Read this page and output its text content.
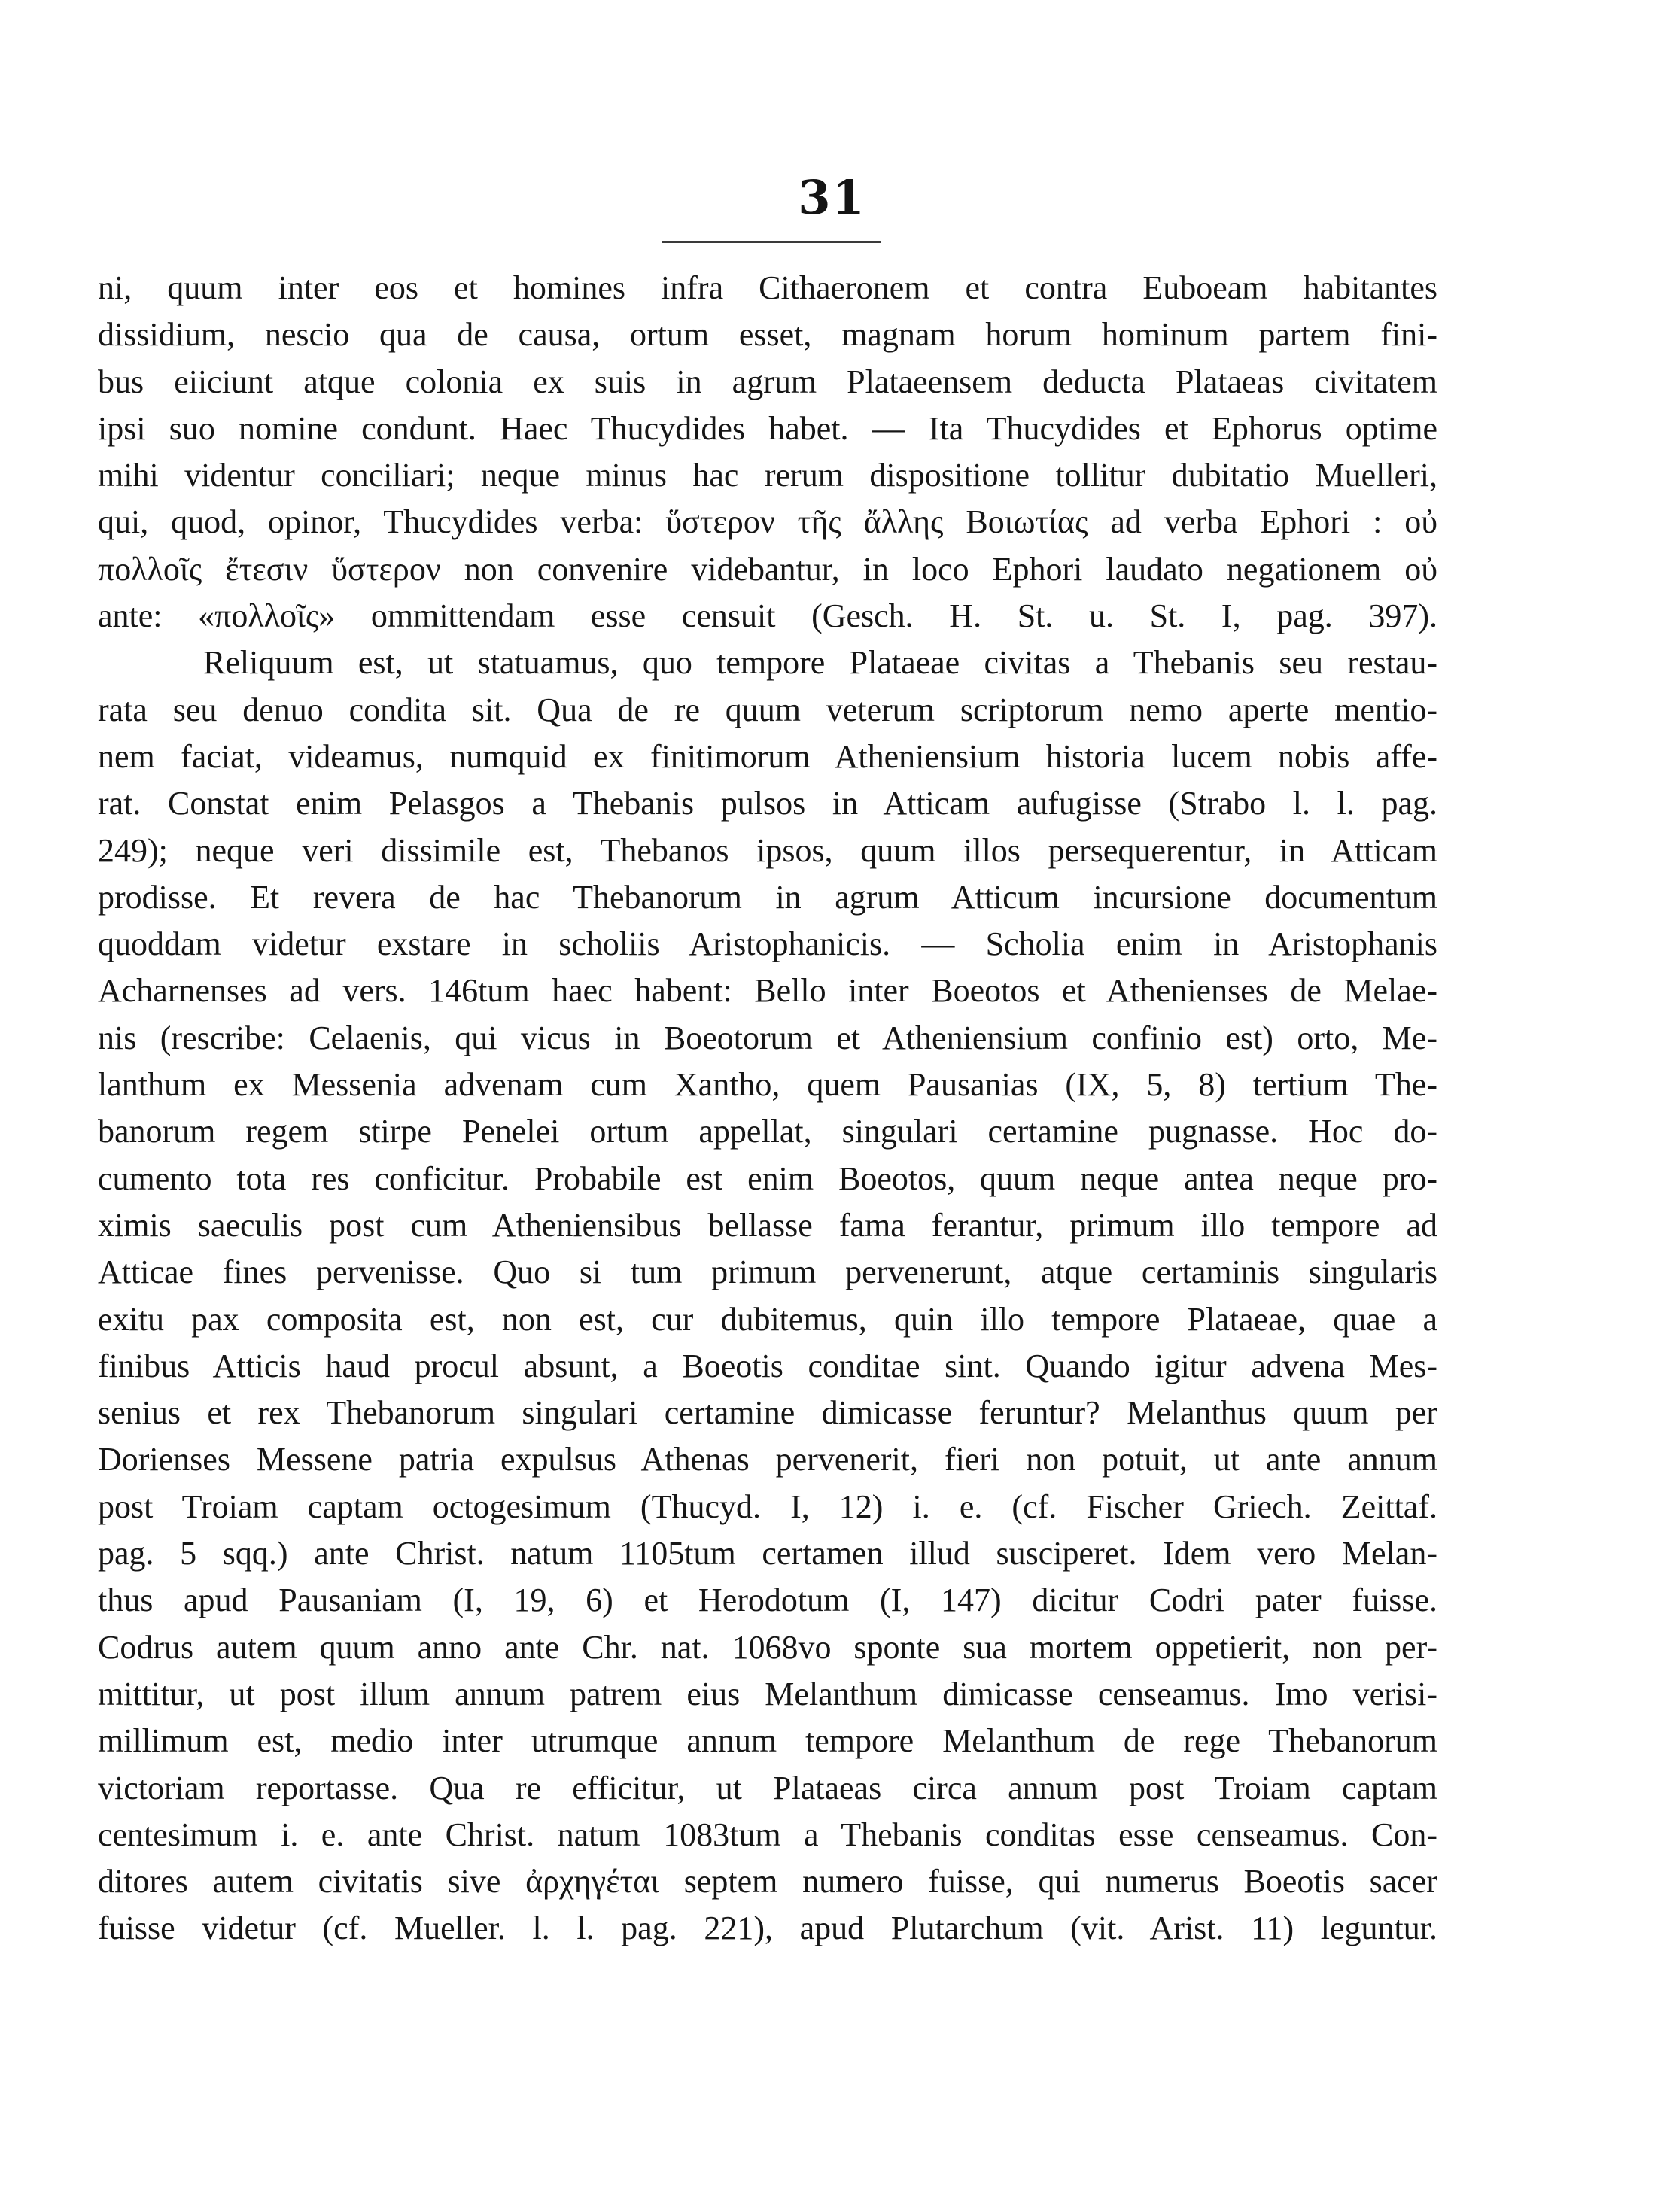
31
ni, quum inter eos et homines infra Cithaeronem et contra Euboeam habitantes
dissidium, nescio qua de causa, ortum esset, magnam horum hominum partem fini-
bus eiiciunt atque colonia ex suis in agrum Plataeensem deducta Plataeas civitatem
ipsi suo nomine condunt. Haec Thucydides habet. — Ita Thucydides et Ephorus optime
mihi videntur conciliari; neque minus hac rerum dispositione tollitur dubitatio Muelleri,
qui, quod, opinor, Thucydides verba: ὕστερον τῆς ἄλλης Βοιωτίας ad verba Ephori : οὐ
πολλοῖς ἔτεσιν ὕστερον non convenire videbantur, in loco Ephori laudato negationem οὐ
ante: «πολλοῖς» ommittendam esse censuit (Gesch. H. St. u. St. I, pag. 397).
Reliquum est, ut statuamus, quo tempore Plataeae civitas a Thebanis seu restau-
rata seu denuo condita sit. Qua de re quum veterum scriptorum nemo aperte mentio-
nem faciat, videamus, numquid ex finitimorum Atheniensium historia lucem nobis affe-
rat. Constat enim Pelasgos a Thebanis pulsos in Atticam aufugisse (Strabo l. l. pag.
249); neque veri dissimile est, Thebanos ipsos, quum illos persequerentur, in Atticam
prodisse. Et revera de hac Thebanorum in agrum Atticum incursione documentum
quoddam videtur exstare in scholiis Aristophanicis. — Scholia enim in Aristophanis
Acharnenses ad vers. 146tum haec habent: Bello inter Boeotos et Athenienses de Melae-
nis (rescribe: Celaenis, qui vicus in Boeotorum et Atheniensium confinio est) orto, Me-
lanthum ex Messenia advenam cum Xantho, quem Pausanias (IX, 5, 8) tertium The-
banorum regem stirpe Penelei ortum appellat, singulari certamine pugnasse. Hoc do-
cumento tota res conficitur. Probabile est enim Boeotos, quum neque antea neque pro-
ximis saeculis post cum Atheniensibus bellasse fama ferantur, primum illo tempore ad
Atticae fines pervenisse. Quo si tum primum pervenerunt, atque certaminis singularis
exitu pax composita est, non est, cur dubitemus, quin illo tempore Plataeae, quae a
finibus Atticis haud procul absunt, a Boeotis conditae sint. Quando igitur advena Mes-
senius et rex Thebanorum singulari certamine dimicasse feruntur? Melanthus quum per
Dorienses Messene patria expulsus Athenas pervenerit, fieri non potuit, ut ante annum
post Troiam captam octogesimum (Thucyd. I, 12) i. e. (cf. Fischer Griech. Zeittaf.
pag. 5 sqq.) ante Christ. natum 1105tum certamen illud susciperet. Idem vero Melan-
thus apud Pausaniam (I, 19, 6) et Herodotum (I, 147) dicitur Codri pater fuisse.
Codrus autem quum anno ante Chr. nat. 1068vo sponte sua mortem oppetierit, non per-
mittitur, ut post illum annum patrem eius Melanthum dimicasse censeamus. Imo verisi-
millimum est, medio inter utrumque annum tempore Melanthum de rege Thebanorum
victoriam reportasse. Qua re efficitur, ut Plataeas circa annum post Troiam captam
centesimum i. e. ante Christ. natum 1083tum a Thebanis conditas esse censeamus. Con-
ditores autem civitatis sive ἀρχηγέται septem numero fuisse, qui numerus Boeotis sacer
fuisse videtur (cf. Mueller. l. l. pag. 221), apud Plutarchum (vit. Arist. 11) leguntur.
